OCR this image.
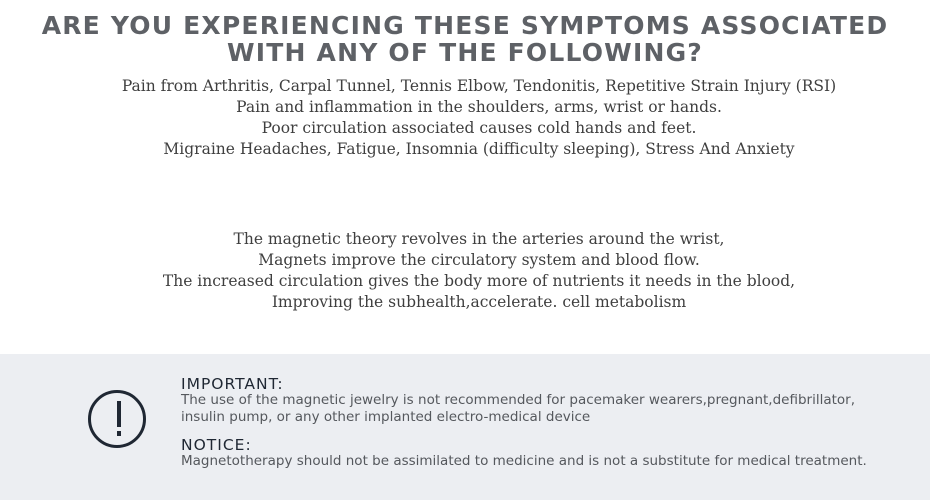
ARE YOU EXPERIENCING THESE SYMPTOMS ASSOCIATED
WITH ANY OF THE FOLLOWING?
Pain from Arthritis, Carpal Tunnel, Tennis Elbow, Tendonitis, Repetitive Strain Injury (RSI)
Pain and inflammation in the shoulders, arms, wrist or hands.
Poor circulation associated causes cold hands and feet.
Migraine Headaches, Fatigue, Insomnia (difficulty sleeping), Stress And Anxiety
The magnetic theory revolves in the arteries around the wrist,
Magnets improve the circulatory system and blood flow.
The increased circulation gives the body more of nutrients it needs in the blood,
Improving the subhealth,accelerate. cell metabolism
IMPORTANT:
The use of the magnetic jewelry is not recommended for pacemaker wearers,pregnant,defibrillator,
insulin pump, or any other implanted electro-medical device
NOTICE:
Magnetotherapy should not be assimilated to medicine and is not a substitute for medical treatment.
